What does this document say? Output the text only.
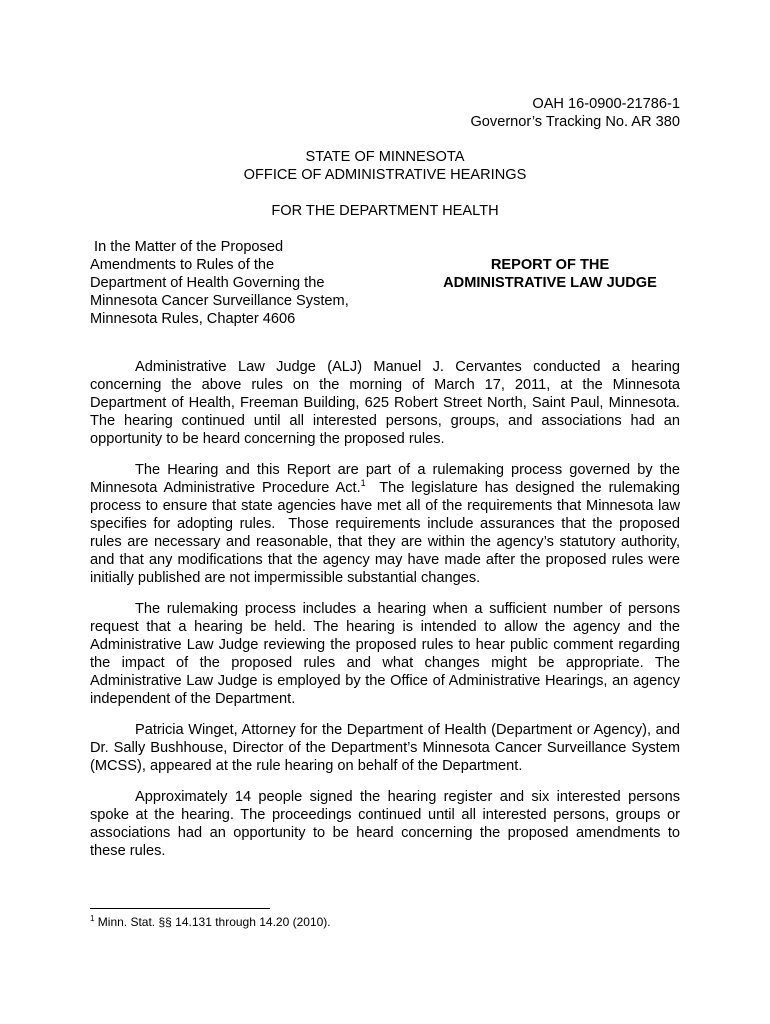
OAH 16-0900-21786-1
Governor’s Tracking No. AR 380
STATE OF MINNESOTA
OFFICE OF ADMINISTRATIVE HEARINGS
FOR THE DEPARTMENT HEALTH
In the Matter of the Proposed
Amendments to Rules of the
Department of Health Governing the
Minnesota Cancer Surveillance System,
Minnesota Rules, Chapter 4606
REPORT OF THE
ADMINISTRATIVE LAW JUDGE

Administrative Law Judge (ALJ) Manuel J. Cervantes conducted a hearing concerning the above rules on the morning of March 17, 2011, at the Minnesota Department of Health, Freeman Building, 625 Robert Street North, Saint Paul, Minnesota. The hearing continued until all interested persons, groups, and associations had an opportunity to be heard concerning the proposed rules.

The Hearing and this Report are part of a rulemaking process governed by the Minnesota Administrative Procedure Act.$^1$  The legislature has designed the rulemaking process to ensure that state agencies have met all of the requirements that Minnesota law specifies for adopting rules.  Those requirements include assurances that the proposed rules are necessary and reasonable, that they are within the agency’s statutory authority, and that any modifications that the agency may have made after the proposed rules were initially published are not impermissible substantial changes.

The rulemaking process includes a hearing when a sufficient number of persons request that a hearing be held. The hearing is intended to allow the agency and the Administrative Law Judge reviewing the proposed rules to hear public comment regarding the impact of the proposed rules and what changes might be appropriate. The Administrative Law Judge is employed by the Office of Administrative Hearings, an agency independent of the Department.

Patricia Winget, Attorney for the Department of Health (Department or Agency), and Dr. Sally Bushhouse, Director of the Department’s Minnesota Cancer Surveillance System (MCSS), appeared at the rule hearing on behalf of the Department.

Approximately 14 people signed the hearing register and six interested persons spoke at the hearing. The proceedings continued until all interested persons, groups or associations had an opportunity to be heard concerning the proposed amendments to these rules.

$^1$ Minn. Stat. §§ 14.131 through 14.20 (2010).
